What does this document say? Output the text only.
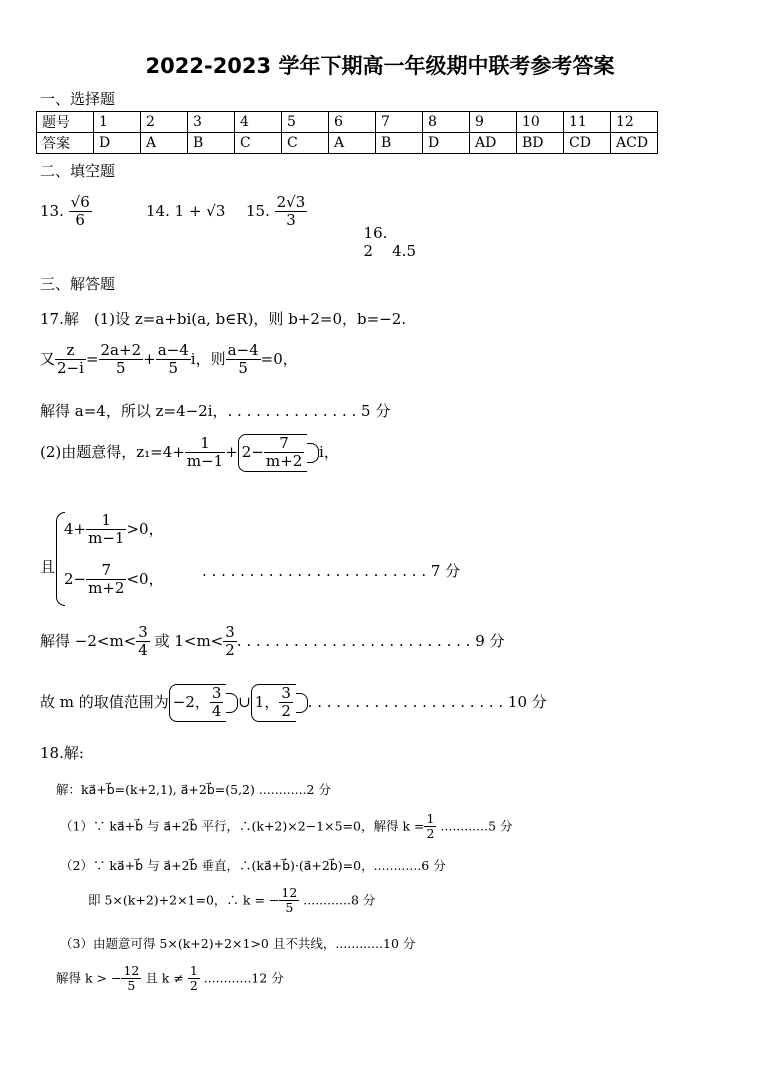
2022-2023 学年下期高一年级期中联考参考答案
一、选择题
题号	1	2	3	4	5	6	7	8	9	10	11	12
答案	D	A	B	C	C	A	B	D	AD	BD	CD	ACD
二、填空题
13. $\frac{√6}{6}$	14. 1 + √3 15. $\frac{2√3}{3}$

16.
2    4.5

三、解答题
17.解　(1)设 z=a+bi(a, b∈R)，则 b+2=0，b=−2.
又 $\frac{z}{2-i} = \frac{2a+2}{5} + \frac{a-4}{5}$ i，则 $\frac{a-4}{5} =0$，
解得 a=4，所以 z=4−2i，. . . . . . . . . . . . . . 5 分
(2)由题意得，$z_1=4+ \frac{1}{m-1} + 2- \frac{7}{m+2}$ i，
且
$4+ \frac{1}{m-1} >0$，
$2- \frac{7}{m+2} <0$，	. . . . . . . . . . . . . . . . . . . . . . . . 7 分
解得 $-2<m< \frac{3}{4}$ 或 $1<m< \frac{3}{2}$ . . . . . . . . . . . . . . . . . . . . . . . . . 9 分
故 m 的取值范围为 −2， $\frac{3}{4}$ ∪ 1， $\frac{3}{2}$ . . . . . . . . . . . . . . . . . . . . . 10 分
18.解:
解：ka⃗+b⃗=(k+2,1), a⃗+2b⃗=(5,2) ............2 分
（1）∵ ka⃗+b⃗ 与 a⃗+2b⃗ 平行，∴(k+2)×2−1×5=0，解得 $k = \frac{1}{2} ............5$ 分
（2）∵ ka⃗+b⃗ 与 a⃗+2b⃗ 垂直，∴(ka⃗+b⃗)·(a⃗+2b⃗)=0，............6 分
即 5×(k+2)+2×1=0，∴ k = − $\frac{12}{5} ............8$ 分
（3）由题意可得 5×(k+2)+2×1>0 且不共线，............10 分
解得 k > − $\frac{12}{5}$ 且 $k \ne \frac{1}{2} ............12$ 分
